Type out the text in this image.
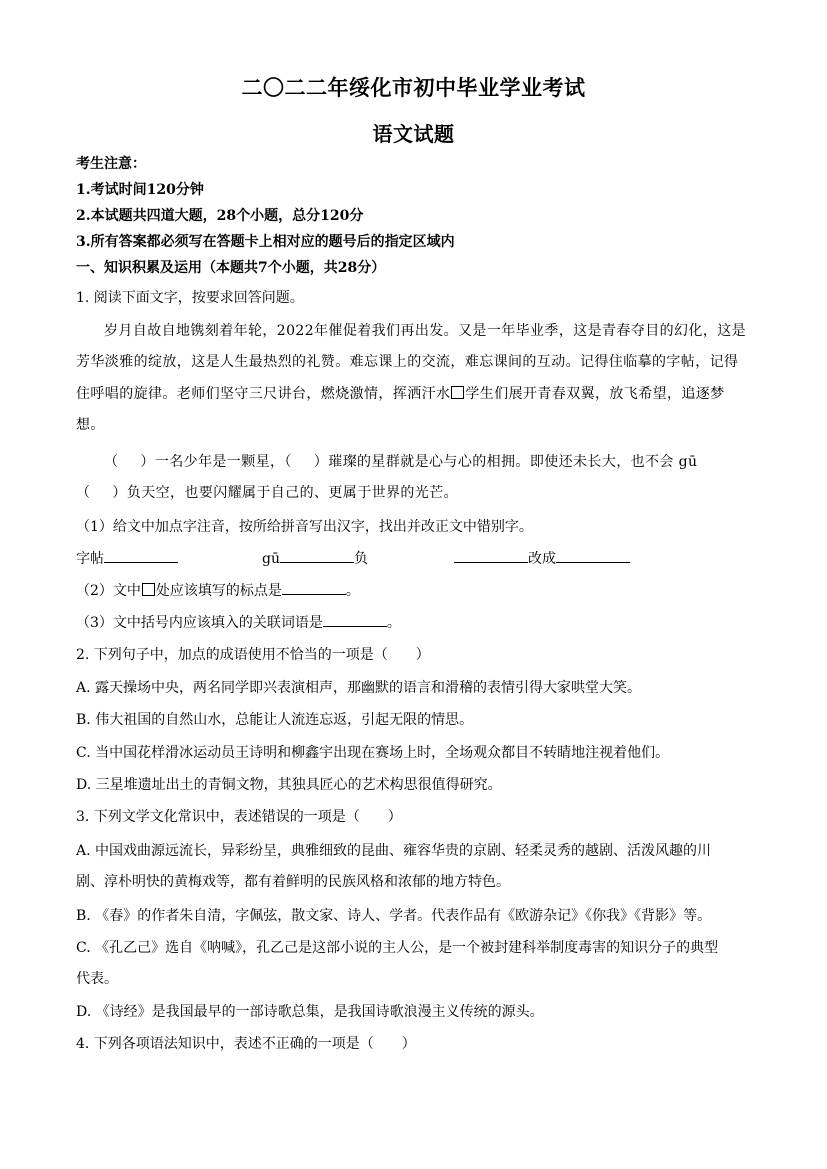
二〇二二年绥化市初中毕业学业考试
语文试题
考生注意：
1.考试时间120分钟
2.本试题共四道大题，28个小题，总分120分
3.所有答案都必须写在答题卡上相对应的题号后的指定区域内
一、知识积累及运用（本题共7个小题，共28分）
1. 阅读下面文字，按要求回答问题。
岁月自故自地镌刻着年轮，2022年催促着我们再出发。又是一年毕业季，这是青春夺目的幻化，这是
芳华淡雅的绽放，这是人生最热烈的礼赞。难忘课上的交流，难忘课间的互动。记得住临摹的字帖，记得
住呼唱的旋律。老师们坚守三尺讲台，燃烧激情，挥洒汗水 学生们展开青春双翼，放飞希望，追逐梦
想。
（ ）一名少年是一颗星，（ ）璀璨的星群就是心与心的相拥。即使还未长大，也不会 gū
（ ）负天空，也要闪耀属于自己的、更属于世界的光芒。
（1）给文中加点字注音，按所给拼音写出汉字，找出并改正文中错别字。
字帖	gū	负	改成
（2）文中 处应该填写的标点是	。
（3）文中括号内应该填入的关联词语是	。
2. 下列句子中，加点的成语使用不恰当的一项是（　　）
A. 露天操场中央，两名同学即兴表演相声，那幽默的语言和滑稽的表情引得大家哄堂大笑。
B. 伟大祖国的自然山水，总能让人流连忘返，引起无限的情思。
C. 当中国花样滑冰运动员王诗明和柳鑫宇出现在赛场上时，全场观众都目不转睛地注视着他们。
D. 三星堆遗址出土的青铜文物，其独具匠心的艺术构思很值得研究。
3. 下列文学文化常识中，表述错误的一项是（　　）
A. 中国戏曲源远流长，异彩纷呈，典雅细致的昆曲、雍容华贵的京剧、轻柔灵秀的越剧、活泼风趣的川
剧、淳朴明快的黄梅戏等，都有着鲜明的民族风格和浓郁的地方特色。
B. 《春》的作者朱自清，字佩弦，散文家、诗人、学者。代表作品有《欧游杂记》《你我》《背影》等。
C. 《孔乙己》选自《呐喊》，孔乙己是这部小说的主人公，是一个被封建科举制度毒害的知识分子的典型
代表。
D. 《诗经》是我国最早的一部诗歌总集，是我国诗歌浪漫主义传统的源头。
4. 下列各项语法知识中，表述不正确的一项是（　　）
